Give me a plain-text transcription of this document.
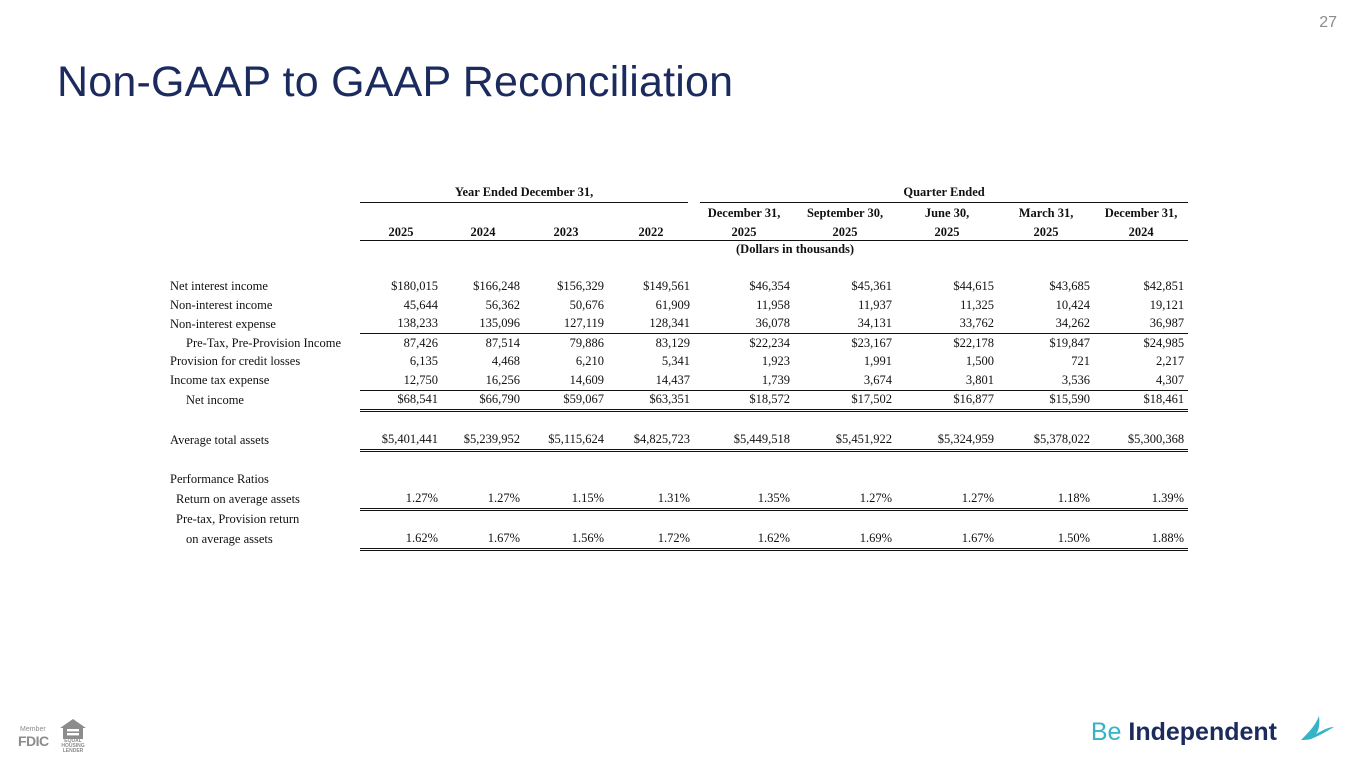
27
Non-GAAP to GAAP Reconciliation
	Year Ended December 31,				Quarter Ended				
					December 31,	September 30,	June 30,	March 31,	December 31,
	2025	2024	2023	2022	2025	2025	2025	2025	2024
					(Dollars in thousands)				

Net interest income	$180,015	$166,248	$156,329	$149,561	$46,354	$45,361	$44,615	$43,685	$42,851
Non-interest income	45,644	56,362	50,676	61,909	11,958	11,937	11,325	10,424	19,121
Non-interest expense	138,233	135,096	127,119	128,341	36,078	34,131	33,762	34,262	36,987
Pre-Tax, Pre-Provision Income	87,426	87,514	79,886	83,129	$22,234	$23,167	$22,178	$19,847	$24,985
Provision for credit losses	6,135	4,468	6,210	5,341	1,923	1,991	1,500	721	2,217
Income tax expense	12,750	16,256	14,609	14,437	1,739	3,674	3,801	3,536	4,307
Net income	$68,541	$66,790	$59,067	$63,351	$18,572	$17,502	$16,877	$15,590	$18,461

Average total assets	$5,401,441	$5,239,952	$5,115,624	$4,825,723	$5,449,518	$5,451,922	$5,324,959	$5,378,022	$5,300,368

Performance Ratios									
Return on average assets	1.27%	1.27%	1.15%	1.31%	1.35%	1.27%	1.27%	1.18%	1.39%
Pre-tax, Provision return									
on average assets	1.62%	1.67%	1.56%	1.72%	1.62%	1.69%	1.67%	1.50%	1.88%
Member
FDIC	EQUAL HOUSING LENDER
Be Independent
